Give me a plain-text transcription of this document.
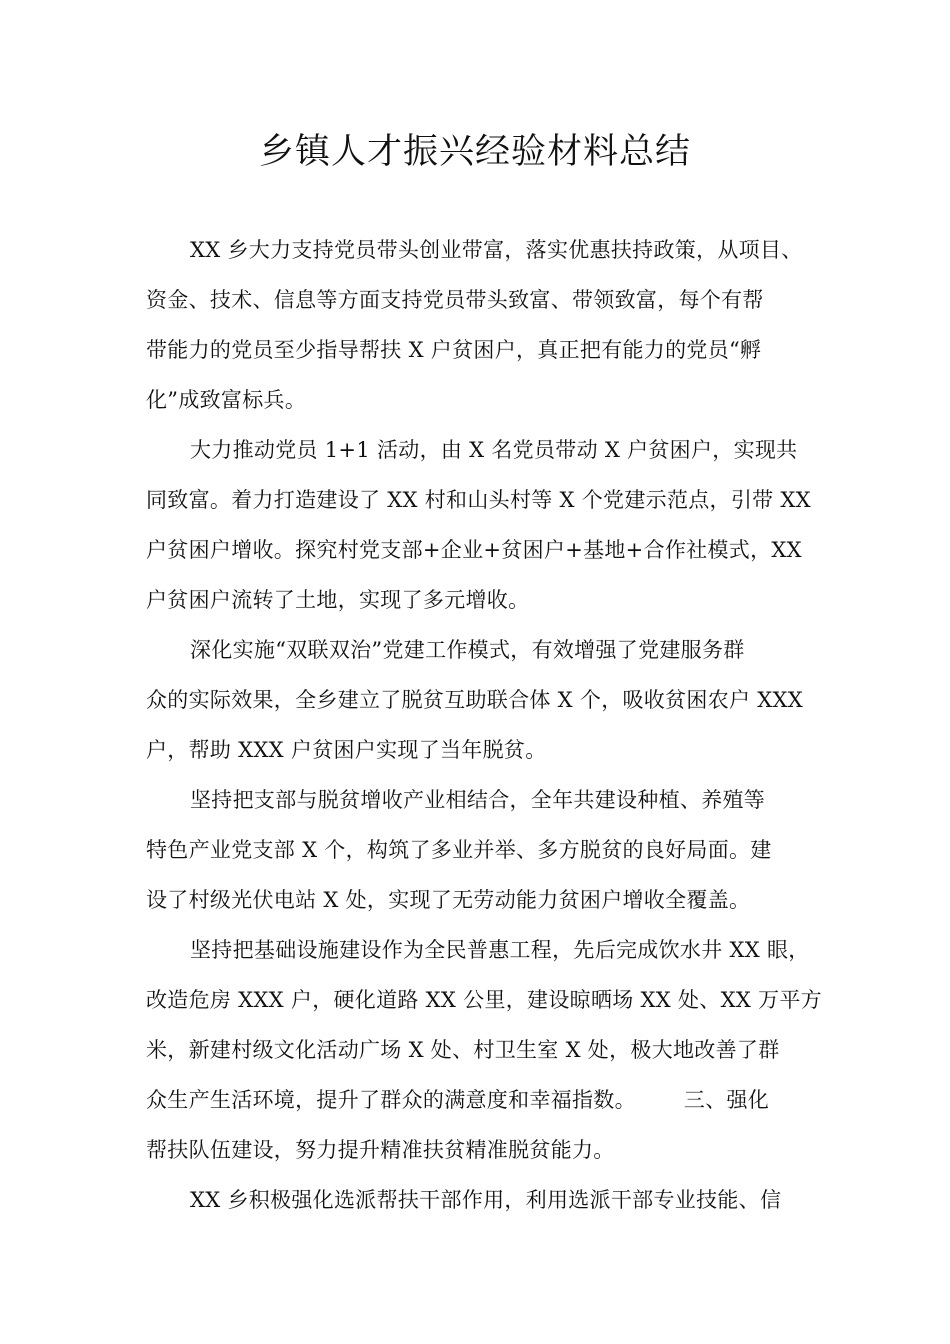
乡镇人才振兴经验材料总结

XX 乡大力支持党员带头创业带富，落实优惠扶持政策，从项目、
资金、技术、信息等方面支持党员带头致富、带领致富，每个有帮
带能力的党员至少指导帮扶 X 户贫困户，真正把有能力的党员“孵
化”成致富标兵。

大力推动党员 1+1 活动，由 X 名党员带动 X 户贫困户，实现共
同致富。着力打造建设了 XX 村和山头村等 X 个党建示范点，引带 XX
户贫困户增收。探究村党支部+企业+贫困户+基地+合作社模式，XX
户贫困户流转了土地，实现了多元增收。

深化实施“双联双治”党建工作模式，有效增强了党建服务群
众的实际效果，全乡建立了脱贫互助联合体 X 个，吸收贫困农户 XXX
户，帮助 XXX 户贫困户实现了当年脱贫。

坚持把支部与脱贫增收产业相结合，全年共建设种植、养殖等
特色产业党支部 X 个，构筑了多业并举、多方脱贫的良好局面。建
设了村级光伏电站 X 处，实现了无劳动能力贫困户增收全覆盖。

坚持把基础设施建设作为全民普惠工程，先后完成饮水井 XX 眼，
改造危房 XXX 户，硬化道路 XX 公里，建设晾晒场 XX 处、XX 万平方
米，新建村级文化活动广场 X 处、村卫生室 X 处，极大地改善了群
众生产生活环境，提升了群众的满意度和幸福指数。 三、强化
帮扶队伍建设，努力提升精准扶贫精准脱贫能力。

XX 乡积极强化选派帮扶干部作用，利用选派干部专业技能、信
